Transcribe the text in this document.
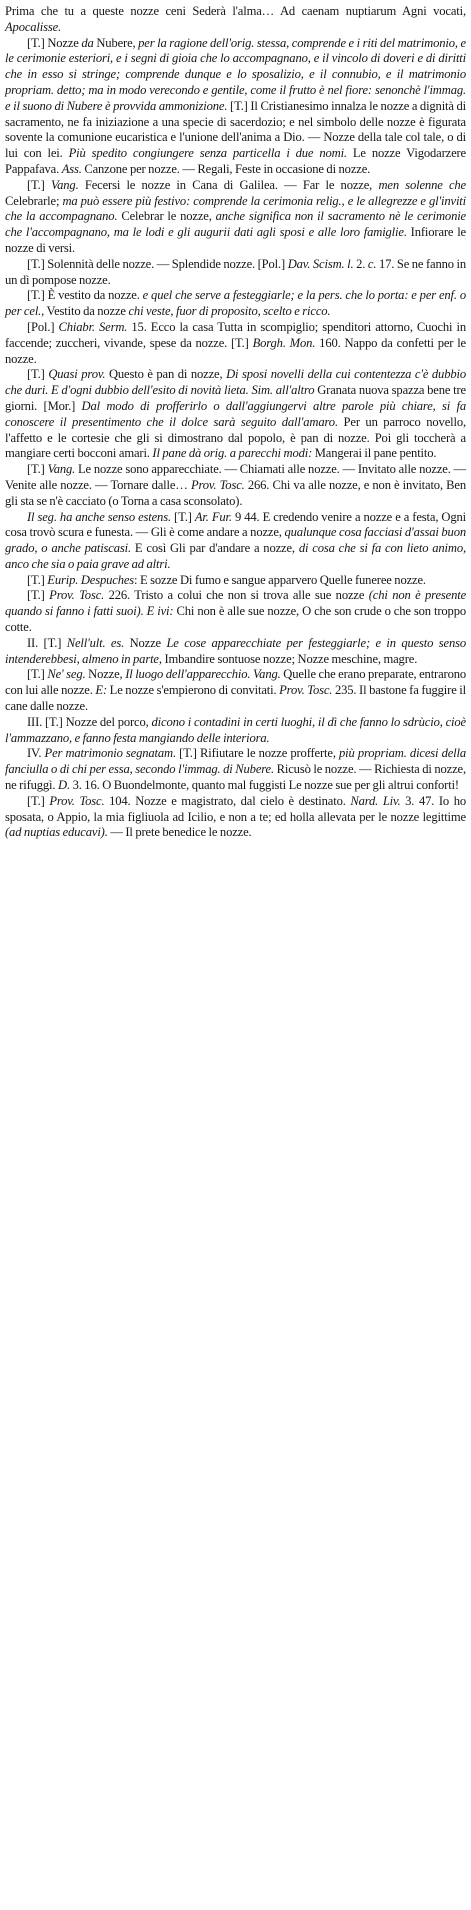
Prima che tu a queste nozze ceni Sederà l'alma… Ad caenam nuptiarum Agni vocati, Apocalisse.

[T.] Nozze da Nubere, per la ragione dell'orig. stessa, comprende e i riti del matrimonio, e le cerimonie esteriori, e i segni di gioia che lo accompagnano, e il vincolo di doveri e di diritti che in esso si stringe; comprende dunque e lo sposalizio, e il connubio, e il matrimonio propriam. detto; ma in modo verecondo e gentile, come il frutto è nel fiore: senonchè l'immag. e il suono di Nubere è provvida ammonizione. [T.] Il Cristianesimo innalza le nozze a dignità di sacramento, ne fa iniziazione a una specie di sacerdozio; e nel simbolo delle nozze è figurata sovente la comunione eucaristica e l'unione dell'anima a Dio. — Nozze della tale col tale, o di lui con lei. Più spedito congiungere senza particella i due nomi. Le nozze Vigodarzere Pappafava. Ass. Canzone per nozze. — Regali, Feste in occasione di nozze.

[T.] Vang. Fecersi le nozze in Cana di Galilea. — Far le nozze, men solenne che Celebrarle; ma può essere più festivo: comprende la cerimonia relig., e le allegrezze e gl'inviti che la accompagnano. Celebrar le nozze, anche significa non il sacramento nè le cerimonie che l'accompagnano, ma le lodi e gli augurii dati agli sposi e alle loro famiglie. Infiorare le nozze di versi.

[T.] Solennità delle nozze. — Splendide nozze. [Pol.] Dav. Scism. l. 2. c. 17. Se ne fanno in un dì pompose nozze.

[T.] È vestito da nozze. e quel che serve a festeggiarle; e la pers. che lo porta: e per enf. o per cel., Vestito da nozze chi veste, fuor di proposito, scelto e ricco.

[Pol.] Chiabr. Serm. 15. Ecco la casa Tutta in scompiglio; spenditori attorno, Cuochi in faccende; zuccheri, vivande, spese da nozze. [T.] Borgh. Mon. 160. Nappo da confetti per le nozze.

[T.] Quasi prov. Questo è pan di nozze, Di sposi novelli della cui contentezza c'è dubbio che duri. E d'ogni dubbio dell'esito di novità lieta. Sim. all'altro Granata nuova spazza bene tre giorni. [Mor.] Dal modo di profferirlo o dall'aggiungervi altre parole più chiare, si fa conoscere il presentimento che il dolce sarà seguito dall'amaro. Per un parroco novello, l'affetto e le cortesie che gli si dimostrano dal popolo, è pan di nozze. Poi gli toccherà a mangiare certi bocconi amari. Il pane dà orig. a parecchi modi: Mangerai il pane pentito.

[T.] Vang. Le nozze sono apparecchiate. — Chiamati alle nozze. — Invitato alle nozze. — Venite alle nozze. — Tornare dalle… Prov. Tosc. 266. Chi va alle nozze, e non è invitato, Ben gli sta se n'è cacciato (o Torna a casa sconsolato).

Il seg. ha anche senso estens. [T.] Ar. Fur. 9 44. E credendo venire a nozze e a festa, Ogni cosa trovò scura e funesta. — Gli è come andare a nozze, qualunque cosa facciasi d'assai buon grado, o anche patiscasi. E così Gli par d'andare a nozze, di cosa che si fa con lieto animo, anco che sia o paia grave ad altri.

[T.] Eurip. Despuches: E sozze Di fumo e sangue apparvero Quelle funeree nozze.

[T.] Prov. Tosc. 226. Tristo a colui che non si trova alle sue nozze (chi non è presente quando si fanno i fatti suoi). E ivi: Chi non è alle sue nozze, O che son crude o che son troppo cotte.

II. [T.] Nell'ult. es. Nozze Le cose apparecchiate per festeggiarle; e in questo senso intenderebbesi, almeno in parte, Imbandire sontuose nozze; Nozze meschine, magre.

[T.] Ne' seg. Nozze, Il luogo dell'apparecchio. Vang. Quelle che erano preparate, entrarono con lui alle nozze. E: Le nozze s'empierono di convitati. Prov. Tosc. 235. Il bastone fa fuggire il cane dalle nozze.

III. [T.] Nozze del porco, dicono i contadini in certi luoghi, il dì che fanno lo sdrùcio, cioè l'ammazzano, e fanno festa mangiando delle interiora.

IV. Per matrimonio segnatam. [T.] Rifiutare le nozze profferte, più propriam. dicesi della fanciulla o di chi per essa, secondo l'immag. di Nubere. Ricusò le nozze. — Richiesta di nozze, ne rifuggì. D. 3. 16. O Buondelmonte, quanto mal fuggisti Le nozze sue per gli altrui conforti!

[T.] Prov. Tosc. 104. Nozze e magistrato, dal cielo è destinato. Nard. Liv. 3. 47. Io ho sposata, o Appio, la mia figliuola ad Icilio, e non a te; ed holla allevata per le nozze legittime (ad nuptias educavi). — Il prete benedice le nozze.
